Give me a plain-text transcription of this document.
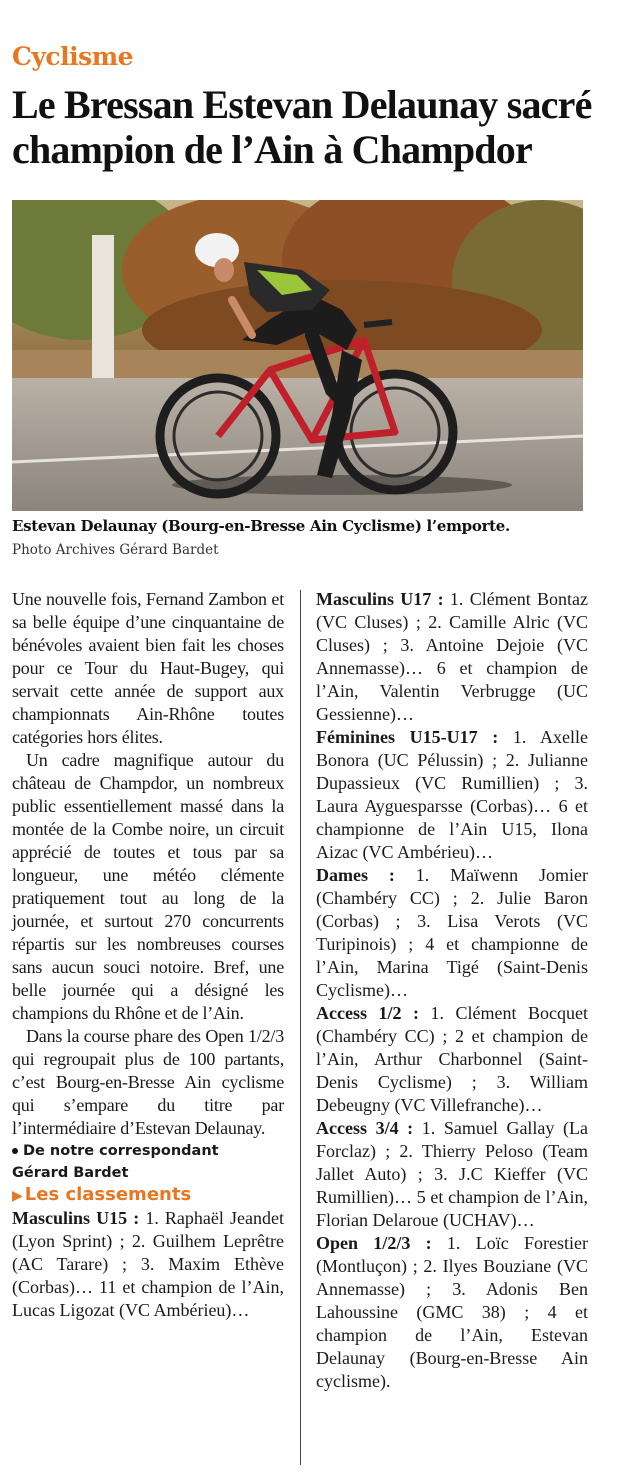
Cyclisme
Le Bressan Estevan Delaunay sacré champion de l’Ain à Champdor
Estevan Delaunay (Bourg-en-Bresse Ain Cyclisme) l’emporte.
Photo Archives Gérard Bardet

Une nouvelle fois, Fernand Zambon et sa belle équipe d’une cinquantaine de bénévoles avaient bien fait les choses pour ce Tour du Haut-Bugey, qui servait cette année de support aux championnats Ain-Rhône toutes catégories hors élites.

Un cadre magnifique autour du château de Champdor, un nombreux public essentiellement massé dans la montée de la Combe noire, un circuit apprécié de toutes et tous par sa longueur, une météo clémente pratiquement tout au long de la journée, et surtout 270 concurrents répartis sur les nombreuses courses sans aucun souci notoire. Bref, une belle journée qui a désigné les champions du Rhône et de l’Ain.

Dans la course phare des Open 1/2/3 qui regroupait plus de 100 partants, c’est Bourg-en-Bresse Ain cyclisme qui s’empare du titre par l’intermédiaire d’Estevan Delaunay.

De notre correspondant

Gérard Bardet

▶ Les classements

Masculins U15 : 1. Raphaël Jeandet (Lyon Sprint) ; 2. Guilhem Leprêtre (AC Tarare) ; 3. Maxim Ethève (Corbas)… 11 et champion de l’Ain, Lucas Ligozat (VC Ambérieu)…

Masculins U17 : 1. Clément Bontaz (VC Cluses) ; 2. Camille Alric (VC Cluses) ; 3. Antoine Dejoie (VC Annemasse)… 6 et champion de l’Ain, Valentin Verbrugge (UC Gessienne)…

Féminines U15-U17 : 1. Axelle Bonora (UC Pélussin) ; 2. Julianne Dupassieux (VC Rumillien) ; 3. Laura Ayguesparsse (Corbas)… 6 et championne de l’Ain U15, Ilona Aizac (VC Ambérieu)…

Dames : 1. Maïwenn Jomier (Chambéry CC) ; 2. Julie Baron (Corbas) ; 3. Lisa Verots (VC Turipinois) ; 4 et championne de l’Ain, Marina Tigé (Saint-Denis Cyclisme)…

Access 1/2 : 1. Clément Bocquet (Chambéry CC) ; 2 et champion de l’Ain, Arthur Charbonnel (Saint-Denis Cyclisme) ; 3. William Debeugny (VC Villefranche)…

Access 3/4 : 1. Samuel Gallay (La Forclaz) ; 2. Thierry Peloso (Team Jallet Auto) ; 3. J.C Kieffer (VC Rumillien)… 5 et champion de l’Ain, Florian Delaroue (UCHAV)…

Open 1/2/3 : 1. Loïc Forestier (Montluçon) ; 2. Ilyes Bouziane (VC Annemasse) ; 3. Adonis Ben Lahoussine (GMC 38) ; 4 et champion de l’Ain, Estevan Delaunay (Bourg-en-Bresse Ain cyclisme).
